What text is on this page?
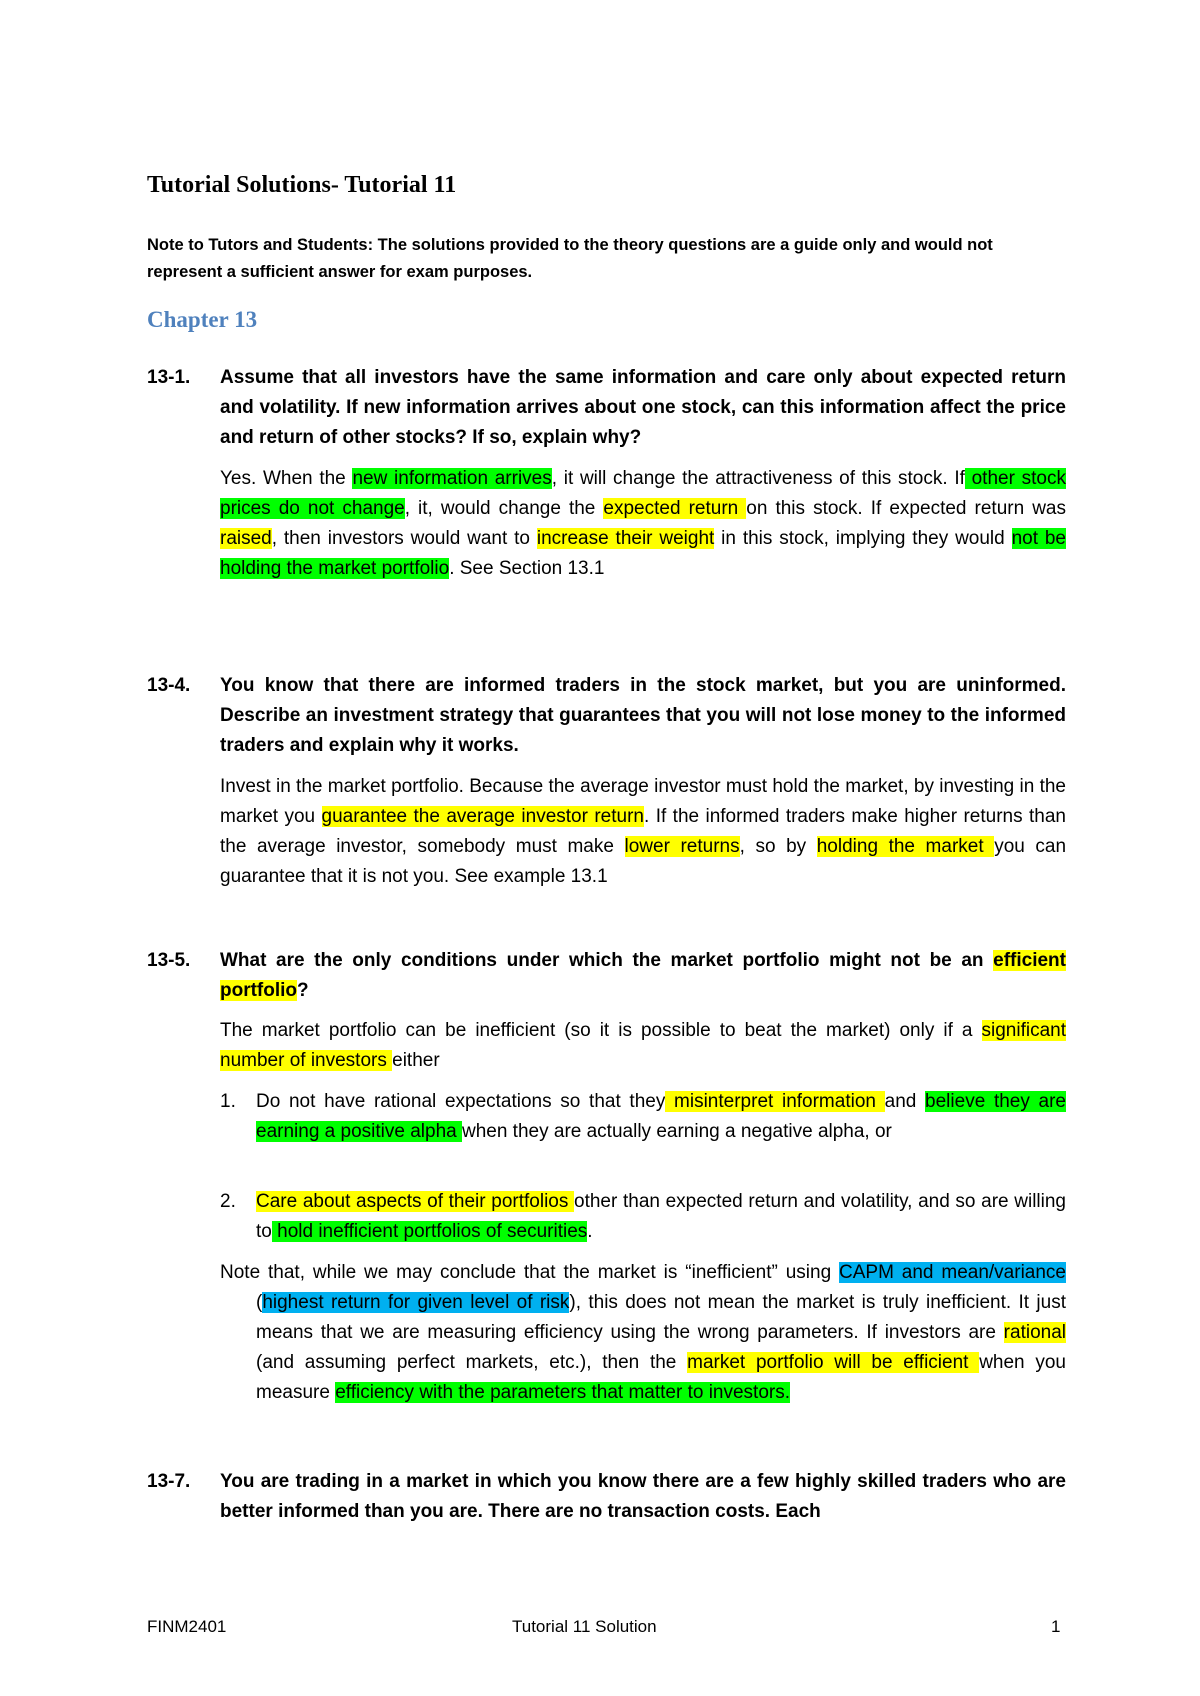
Tutorial Solutions- Tutorial 11
Note to Tutors and Students: The solutions provided to the theory questions are a guide only and would not represent a sufficient answer for exam purposes.
Chapter 13
13-1. Assume that all investors have the same information and care only about expected return and volatility. If new information arrives about one stock, can this information affect the price and return of other stocks? If so, explain why?

Yes. When the new information arrives, it will change the attractiveness of this stock. If other stock prices do not change, it, would change the expected return on this stock. If expected return was raised, then investors would want to increase their weight in this stock, implying they would not be holding the market portfolio. See Section 13.1

13-4. You know that there are informed traders in the stock market, but you are uninformed. Describe an investment strategy that guarantees that you will not lose money to the informed traders and explain why it works.

Invest in the market portfolio. Because the average investor must hold the market, by investing in the market you guarantee the average investor return. If the informed traders make higher returns than the average investor, somebody must make lower returns, so by holding the market you can guarantee that it is not you. See example 13.1

13-5. What are the only conditions under which the market portfolio might not be an efficient portfolio?

The market portfolio can be inefficient (so it is possible to beat the market) only if a significant number of investors either

1. Do not have rational expectations so that they misinterpret information and believe they are earning a positive alpha when they are actually earning a negative alpha, or

2. Care about aspects of their portfolios other than expected return and volatility, and so are willing to hold inefficient portfolios of securities.

Note that, while we may conclude that the market is “inefficient” using CAPM and mean/variance (highest return for given level of risk), this does not mean the market is truly inefficient. It just means that we are measuring efficiency using the wrong parameters. If investors are rational (and assuming perfect markets, etc.), then the market portfolio will be efficient when you measure efficiency with the parameters that matter to investors.
13-7. You are trading in a market in which you know there are a few highly skilled traders who are better informed than you are. There are no transaction costs. Each
FINM2401	Tutorial 11 Solution	1
